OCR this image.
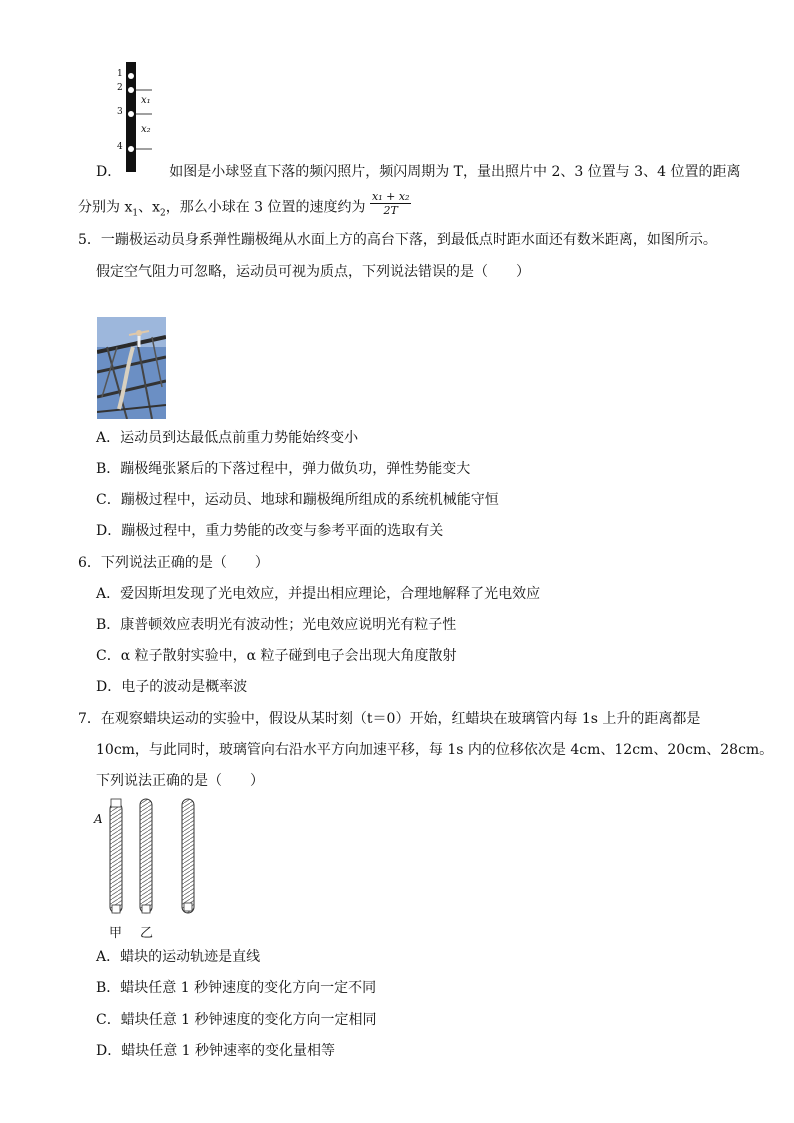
1
2
3
4
x₁
x₂
D．	如图是小球竖直下落的频闪照片，频闪周期为 T，量出照片中 2、3 位置与 3、4 位置的距离
分别为 $x_1$、$x_2$，那么小球在 3 位置的速度约为 $\frac{\text{x₁ + x₂}}{2T}$
5．一蹦极运动员身系弹性蹦极绳从水面上方的高台下落，到最低点时距水面还有数米距离，如图所示。
假定空气阻力可忽略，运动员可视为质点，下列说法错误的是（　　）
A．运动员到达最低点前重力势能始终变小
B．蹦极绳张紧后的下落过程中，弹力做负功，弹性势能变大
C．蹦极过程中，运动员、地球和蹦极绳所组成的系统机械能守恒
D．蹦极过程中，重力势能的改变与参考平面的选取有关
6．下列说法正确的是（　　）
A．爱因斯坦发现了光电效应，并提出相应理论，合理地解释了光电效应
B．康普顿效应表明光有波动性；光电效应说明光有粒子性
C．α 粒子散射实验中，α 粒子碰到电子会出现大角度散射
D．电子的波动是概率波
7．在观察蜡块运动的实验中，假设从某时刻（t＝0）开始，红蜡块在玻璃管内每 1s 上升的距离都是
10cm，与此同时，玻璃管向右沿水平方向加速平移，每 1s 内的位移依次是 4cm、12cm、20cm、28cm。
下列说法正确的是（　　）
A
甲 乙
A．蜡块的运动轨迹是直线
B．蜡块任意 1 秒钟速度的变化方向一定不同
C．蜡块任意 1 秒钟速度的变化方向一定相同
D．蜡块任意 1 秒钟速率的变化量相等
